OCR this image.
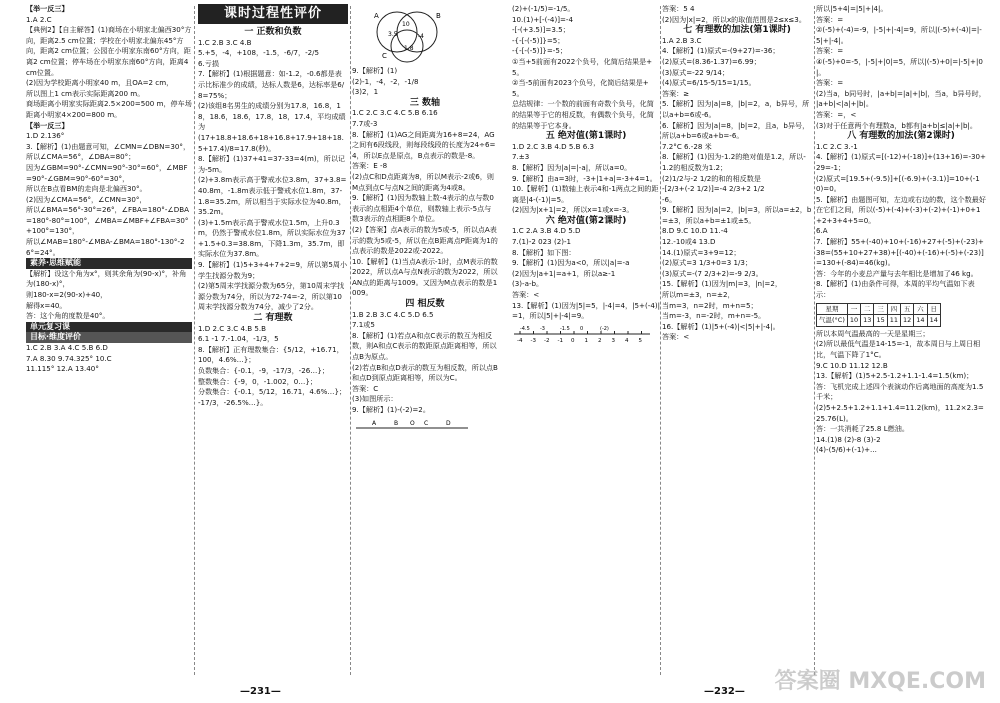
【举一反三】

1.A 2.C

【典例2】【自主解答】(1)商场在小明家北偏西30°方向，距离2.5 cm位置；学校在小明家北偏东45°方向，距离2 cm位置；公园在小明家东南60°方向，距离2 cm位置；停车场在小明家东南60°方向，距离4 cm位置。

(2)因为学校距离小明家40 m，且OA=2 cm，

所以图上1 cm表示实际距离200 m。

商场距离小明家实际距离2.5×200=500 m，停车场距离小明家4×200=800 m。

【举一反三】

1.D 2.136°

3.【解析】(1)由题意可知，∠CMN=∠DBN=30°，所以∠CMA=56°，∠DBA=80°；

因为∠GBM=90°-∠CMN=90°-30°=60°，∠MBF=90°-∠GBM=90°-60°=30°，

所以在B点看BM的走向是北偏西30°。

(2)因为∠CMA=56°，∠CMN=30°，

所以∠BMA=56°-30°=26°，∠FBA=180°-∠DBA=180°-80°=100°，∠MBA=∠MBF+∠FBA=30°+100°=130°，

所以∠MAB=180°-∠MBA-∠BMA=180°-130°-26°=24°。

素养·思维赋能

【解析】设这个角为x°，则其余角为(90-x)°，补角为(180-x)°，

则180-x=2(90-x)+40，

解得x=40。

答：这个角的度数是40°。

单元复习课

目标·维度评价

1.C 2.B 3.A 4.C 5.B 6.D

7.A 8.30 9.74.325° 10.C

11.115° 12.A 13.40°

课时过程性评价

一 正数和负数

1.C 2.B 3.C 4.B

5.+5，-4，+108，-1.5，-6/7，-2/5

6.亏损

7.【解析】(1)根据题意：如-1.2，-0.6都是表示比标准少的成绩，达标人数是6，达标率是6/8=75%；

(2)该组8名男生的成绩分别为17.8，16.8，18，18.6，18.6，17.8，18，17.4，平均成绩为

(17+18.8+18.6+18+16.8+17.9+18+18.5+17.4)/8=17.8(秒)。

8.【解析】(1)37+41=37-33=4(m)，所以记为-5m。

(2)+3.8m表示高于警戒水位3.8m，37+3.8=40.8m，-1.8m表示低于警戒水位1.8m，37-1.8=35.2m，所以相当于实际水位为40.8m，35.2m。

(3)+1.5m表示高于警戒水位1.5m，上升0.3m，仍然于警戒水位1.8m，所以实际水位为37+1.5+0.3=38.8m，下降1.3m，35.7m，即实际水位为37.8m。

9.【解析】(1)5+3+4+7+2=9，所以第5周小学生找源分数为9；

(2)第5周末学找源分数为65分，第10周末学找源分数为74分，所以为72-74=-2，所以第10周末学找源分数为74分，减少了2分。

二 有理数

1.D 2.C 3.C 4.B 5.B

6.1 -1 7.-1.04，-1/3，5

8.【解析】正有理数集合：{5/12，+16.71，100，4.6%…}；

负数集合：{-0.1，-9，-17/3，-26…}；

整数集合：{-9，0，-1.002，0…}；

分数集合：{-0.1，5/12，16.71，4.6%…}；

-17/3，-26.5%…}。

A	B
C
10
3.5	-4
1.8

9.【解析】(1)

(2)-1，-4，-2，-1/8

(3)2，1

三 数轴

1.C 2.C 3.C 4.C 5.B 6.16

7.7或-3

8.【解析】(1)AG之间距离为16+8=24，AG之间有6段线段，则每段线段的长度为24÷6=4，所以E点是原点，B点表示的数是-8。

答案：E -8

(2)点C和D点距离为8，所以M表示-2或6，则M点到点C与点N之间的距离为4或8。

9.【解析】(1)因为数轴上数-4表示的点与数0表示的点相距4个单位，则数轴上表示-5点与数3表示的点相距8个单位。

(2)【答案】点A表示的数为5或-5，所以点A表示的数为5或-5，所以在点B距离点P距离为1的点表示的数是2022或-2022。

10.【解析】(1)当点A表示-1时，点M表示的数2022，所以点A与点N表示的数为2022，所以AN点的距离与1009。又因为M点表示的数是1009。

四 相反数

1.B 2.B 3.C 4.C 5.D 6.5

7.1或5

8.【解析】(1)若点A和点C表示的数互为相反数，则A和点C表示的数距原点距离相等，所以点B为原点。

(2)若点B和点D表示的数互为相反数，所以点B和点D到原点距离相等，所以为C。

答案：C

(3)如图所示：

9.【解析】(1)-(-2)=2。

A	B O C	D
—231—

(2)+(-1/5)=-1/5。

10.(1)+[-(-4)]=-4

-[-(+3.5)]=3.5；

-{-[-(-5)]}=5；

-{-[-(-5)]}=-5；

①当+5前面有2022个负号，化简后结果是+5。

②当-5前面有2023个负号，化简后结果是+5。

总结规律：一个数的前面有奇数个负号，化简的结果等于它的相反数，有偶数个负号，化简的结果等于它本身。

五 绝对值(第1课时)

1.D 2.C 3.B 4.D 5.B 6.3

7.±3

8.【解析】因为|a|=|-a|，所以a=0。

9.【解析】由a=3时，-3+|1+a|=-3+4=1。

10.【解析】(1)数轴上表示4和-1两点之间的距离是|4-(-1)|=5。

(2)因为|x+1|=2，所以x=1或x=-3。

六 绝对值(第2课时)

1.C 2.A 3.B 4.D 5.D

7.(1)-2 023 (2)-1

8.【解析】如下图：

9.【解析】(1)因为a<0，所以|a|=-a

(2)因为|a+1|=a+1，所以a≥-1

(3)-a-b。

答案：<

13.【解析】(1)因为|5|=5，|-4|=4，|5+(-4)|=1，所以|5|+|-4|=9。

-4 -3 -2 -1 0 1 2 3 4 5
-4.5 -3	-1.5 0	(-2)

答案：5 4

(2)因为|x|=2，所以x的取值范围是2≤x≤3。

七 有理数的加法(第1课时)

1.A 2.B 3.C

4.【解析】(1)原式=-(9+27)=-36；

(2)原式=(8.36-1.37)=6.99；

(3)原式=-22 9/14；

(4)原式=6/15-5/15=1/15。

答案：≥

5.【解析】因为|a|=8，|b|=2，a，b异号，所以a+b=6或-6。

6.【解析】因为|a|=8，|b|=2，且a，b异号，所以a+b=6或a+b=-6。

7.2°C 6.-28 米

8.【解析】(1)因为-1.2的绝对值是1.2，所以-1.2的相反数为1.2；

(2)1/2与-2 1/2的和的相反数是

-[2/3+(-2 1/2)]=-4 2/3+2 1/2

-6。

9.【解析】因为|a|=2，|b|=3，所以a=±2，b=±3，所以a+b=±1或±5。

8.D 9.C 10.D 11.-4

12.-10或4 13.D

14.(1)原式=3+9=12；

(2)原式=3 1/3+0=3 1/3；

(3)原式=-(7 2/3+2)=-9 2/3。

15.【解析】(1)因为|m|=3，|n|=2，

所以m=±3，n=±2，

当m=3，n=2时，m+n=5；

当m=-3，n=-2时，m+n=-5。

16.【解析】(1)|5+(-4)|<|5|+|-4|。

答案：<

所以|5+4|=|5|+|4|。

答案：=

②(-5)+(-4)=-9，|-5|+|-4|=9，所以|(-5)+(-4)|=|-5|+|-4|。

答案：=

④(-5)+0=-5，|-5|+|0|=5，所以|(-5)+0|=|-5|+|0|。

答案：=

(2)当a，b同号时，|a+b|=|a|+|b|，当a，b异号时，|a+b|<|a|+|b|。

答案：=，<

(3)对于任意两个有理数a，b都有|a+b|≤|a|+|b|。

八 有理数的加法(第2课时)

1.C 2.C 3.-1

4.【解析】(1)原式=[(-12)+(-18)]+(13+16)=-30+29=-1；

(2)原式=[19.5+(-9.5)]+[(-6.9)+(-3.1)]=10+(-10)=0。

5.【解析】由题图可知，左边或右边的数，这个数最好在它们之间，所以(-5)+(-4)+(-3)+(-2)+(-1)+0+1+2+3+4+5=0。

6.A

7.【解析】55+(-40)+10+(-16)+27+(-5)+(-23)+38=(55+10+27+38)+[(-40)+(-16)+(-5)+(-23)]=130+(-84)=46(kg)。

答：今年的小麦总产量与去年相比是增加了46 kg。

8.【解析】(1)由条件可得，本周的平均气温如下表示：

星期	一	二	三	四	五	六	日
气温(°C)	10	13	15	11	12	14	14

所以本周气温最高的一天是星期三；

(2)所以最低气温是14-15=-1，故本周日与上周日相比，气温下降了1°C。

9.C 10.D 11.12 12.B

13.【解析】(1)5+2.5-1.2+1.1-1.4=1.5(km)；

答：飞机完成上述四个表演动作后离地面的高度为1.5千米；

(2)5+2.5+1.2+1.1+1.4=11.2(km)，11.2×2.3=25.76(L)。

答：一共消耗了25.8 L燃油。

14.(1)8 (2)-8 (3)-2

(4)-(5/6)+(-1)+...

—232— 答案圈 MXQE.COM
